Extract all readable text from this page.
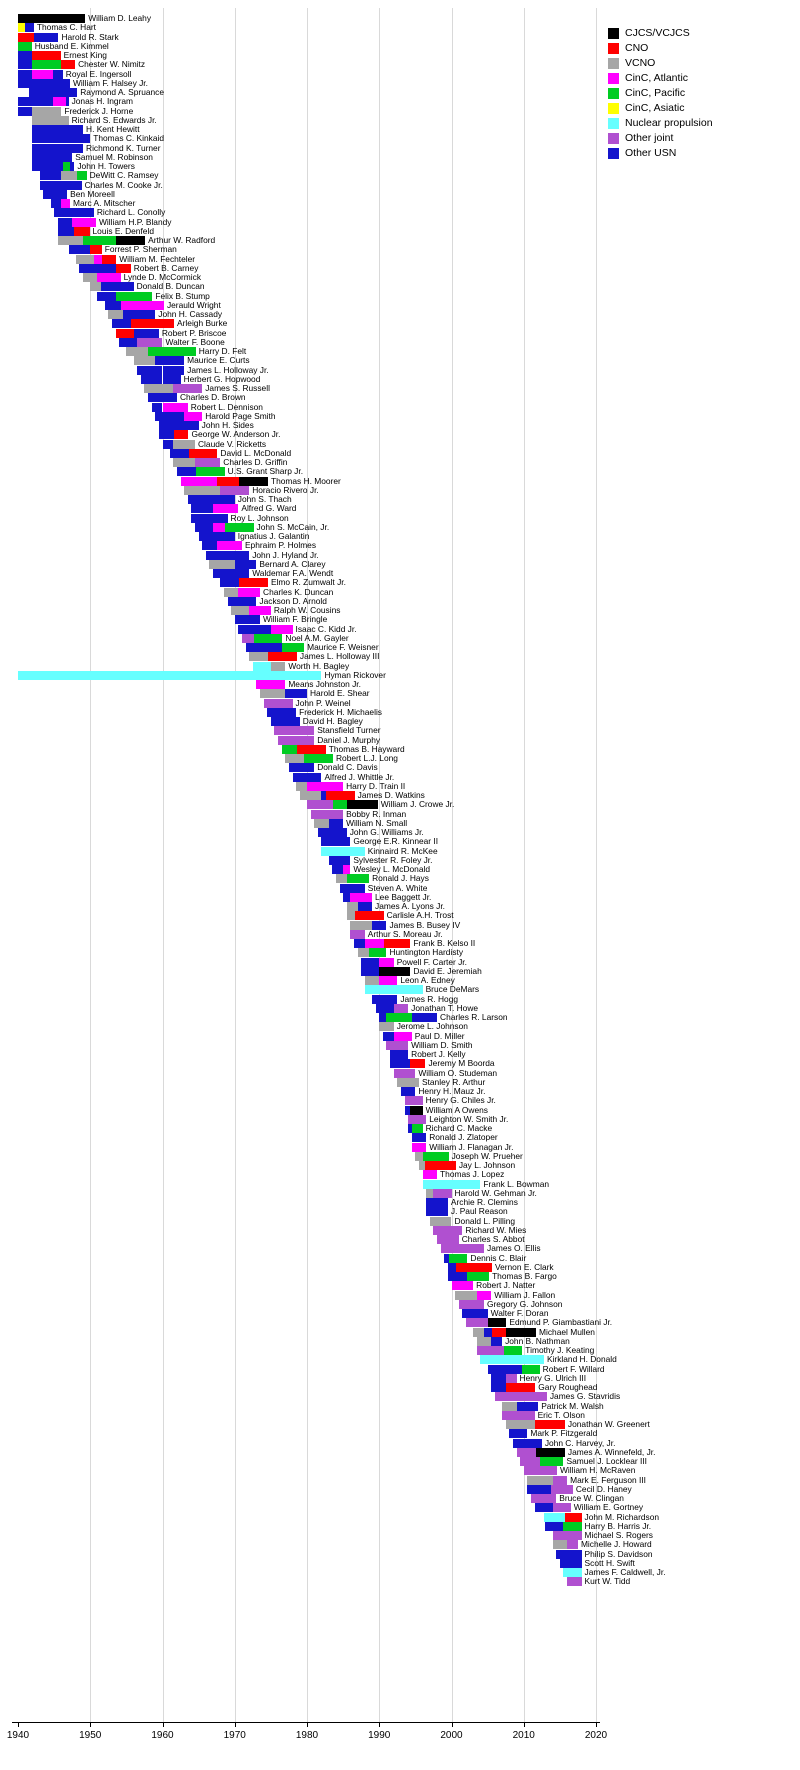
William D. Leahy
Thomas C. Hart
Harold R. Stark
Husband E. Kimmel
Ernest King
Chester W. Nimitz
Royal E. Ingersoll
William F. Halsey Jr.
Raymond A. Spruance
Jonas H. Ingram
Frederick J. Horne
Richard S. Edwards Jr.
H. Kent Hewitt
Thomas C. Kinkaid
Richmond K. Turner
Samuel M. Robinson
John H. Towers
DeWitt C. Ramsey
Charles M. Cooke Jr.
Ben Moreell
Marc A. Mitscher
Richard L. Conolly
William H.P. Blandy
Louis E. Denfeld
Arthur W. Radford
Forrest P. Sherman
William M. Fechteler
Robert B. Carney
Lynde D. McCormick
Donald B. Duncan
Felix B. Stump
Jerauld Wright
John H. Cassady
Arleigh Burke
Robert P. Briscoe
Walter F. Boone
Harry D. Felt
Maurice E. Curts
James L. Holloway Jr.
Herbert G. Hopwood
James S. Russell
Charles D. Brown
Robert L. Dennison
Harold Page Smith
John H. Sides
George W. Anderson Jr.
Claude V. Ricketts
David L. McDonald
Charles D. Griffin
U.S. Grant Sharp Jr.
Thomas H. Moorer
Horacio Rivero Jr.
John S. Thach
Alfred G. Ward
Roy L. Johnson
John S. McCain, Jr.
Ignatius J. Galantin
Ephraim P. Holmes
John J. Hyland Jr.
Bernard A. Clarey
Waldemar F.A. Wendt
Elmo R. Zumwalt Jr.
Charles K. Duncan
Jackson D. Arnold
Ralph W. Cousins
William F. Bringle
Isaac C. Kidd Jr.
Noel A.M. Gayler
Maurice F. Weisner
James L. Holloway III
Worth H. Bagley
Hyman Rickover
Means Johnston Jr.
Harold E. Shear
John P. Weinel
Frederick H. Michaelis
David H. Bagley
Stansfield Turner
Daniel J. Murphy
Thomas B. Hayward
Robert L.J. Long
Donald C. Davis
Alfred J. Whittle Jr.
Harry D. Train II
James D. Watkins
William J. Crowe Jr.
Bobby R. Inman
William N. Small
John G. Williams Jr.
George E.R. Kinnear II
Kinnaird R. McKee
Sylvester R. Foley Jr.
Wesley L. McDonald
Ronald J. Hays
Steven A. White
Lee Baggett Jr.
James A. Lyons Jr.
Carlisle A.H. Trost
James B. Busey IV
Arthur S. Moreau Jr.
Frank B. Kelso II
Huntington Hardisty
Powell F. Carter Jr.
David E. Jeremiah
Leon A. Edney
Bruce DeMars
James R. Hogg
Jonathan T. Howe
Charles R. Larson
Jerome L. Johnson
Paul D. Miller
William D. Smith
Robert J. Kelly
Jeremy M Boorda
William O. Studeman
Stanley R. Arthur
Henry H. Mauz Jr.
Henry G. Chiles Jr.
William A Owens
Leighton W. Smith Jr.
Richard C. Macke
Ronald J. Zlatoper
William J. Flanagan Jr.
Joseph W. Prueher
Jay L. Johnson
Thomas J. Lopez
Frank L. Bowman
Harold W. Gehman Jr.
Archie R. Clemins
J. Paul Reason
Donald L. Pilling
Richard W. Mies
Charles S. Abbot
James O. Ellis
Dennis C. Blair
Vernon E. Clark
Thomas B. Fargo
Robert J. Natter
William J. Fallon
Gregory G. Johnson
Walter F. Doran
Edmund P. Giambastiani Jr.
Michael Mullen
John B. Nathman
Timothy J. Keating
Kirkland H. Donald
Robert F. Willard
Henry G. Ulrich III
Gary Roughead
James G. Stavridis
Patrick M. Walsh
Eric T. Olson
Jonathan W. Greenert
Mark P. Fitzgerald
John C. Harvey, Jr.
James A. Winnefeld, Jr.
Samuel J. Locklear III
William H. McRaven
Mark E. Ferguson III
Cecil D. Haney
Bruce W. Clingan
William E. Gortney
John M. Richardson
Harry B. Harris Jr.
Michael S. Rogers
Michelle J. Howard
Philip S. Davidson
Scott H. Swift
James F. Caldwell, Jr.
Kurt W. Tidd
1940	1950	1960	1970	1980	1990	2000	2010	2020
CJCS/VCJCS
CNO
VCNO
CinC, Atlantic
CinC, Pacific
CinC, Asiatic
Nuclear propulsion
Other joint
Other USN
